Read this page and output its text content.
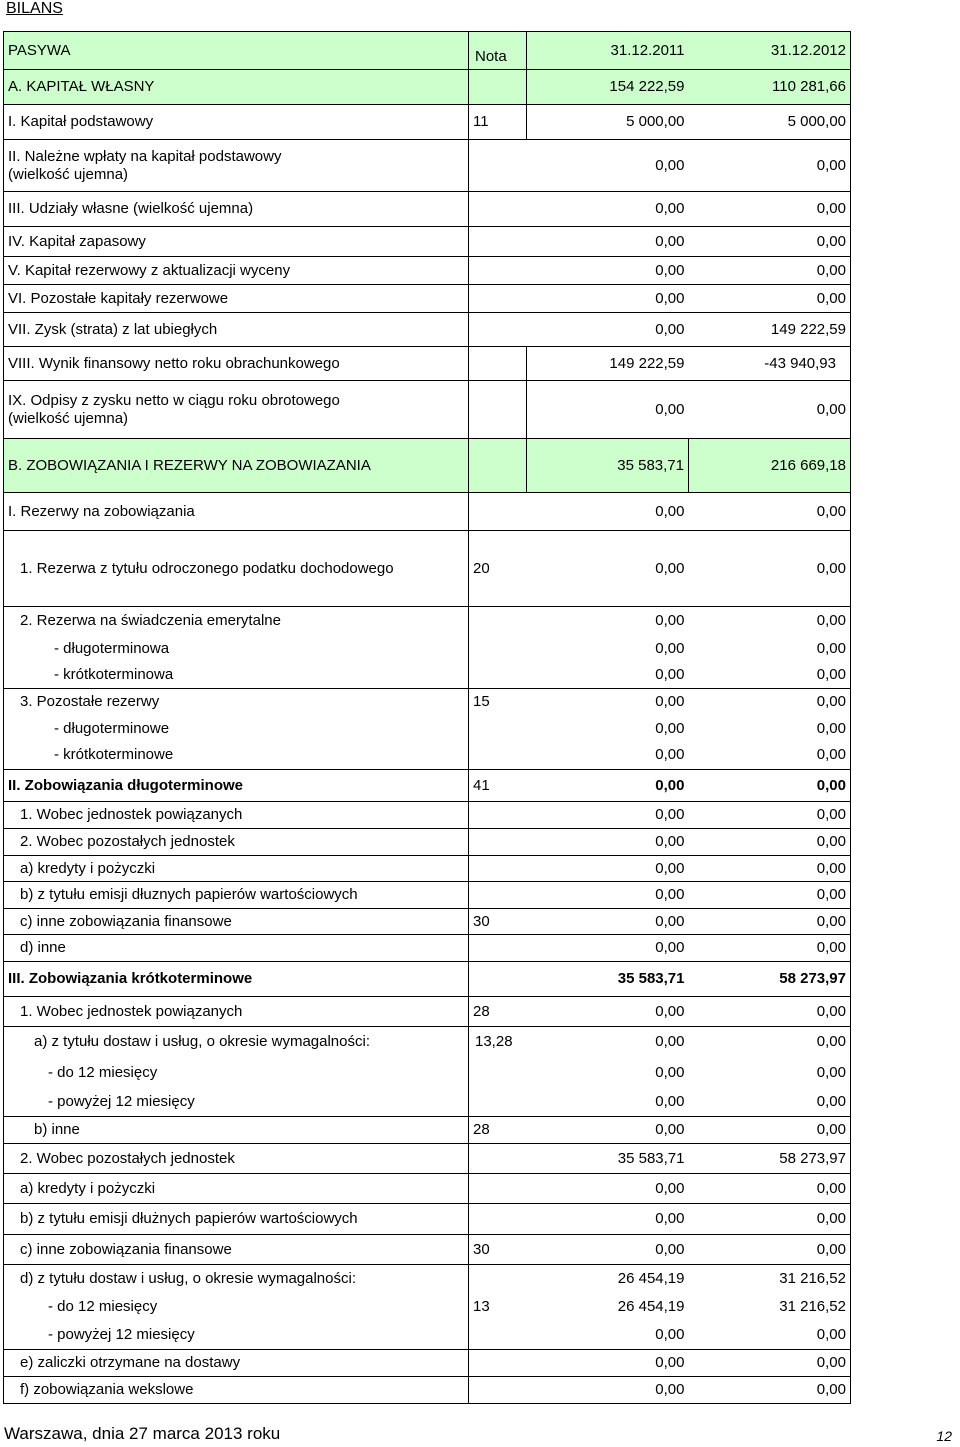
BILANS
PASYWA	Nota	31.12.2011	31.12.2012
A. KAPITAŁ WŁASNY		154 222,59	110 281,66
I. Kapitał podstawowy	11	5 000,00	5 000,00
II. Należne wpłaty na kapitał podstawowy
(wielkość ujemna)		0,00	0,00
III. Udziały własne (wielkość ujemna)		0,00	0,00
IV. Kapitał zapasowy		0,00	0,00
V. Kapitał rezerwowy z aktualizacji wyceny		0,00	0,00
VI. Pozostałe kapitały rezerwowe		0,00	0,00
VII. Zysk (strata) z lat ubiegłych		0,00	149 222,59
VIII. Wynik finansowy netto roku obrachunkowego		149 222,59	-43 940,93
IX. Odpisy z zysku netto w ciągu roku obrotowego
(wielkość ujemna)		0,00	0,00
B. ZOBOWIĄZANIA I REZERWY NA ZOBOWIAZANIA		35 583,71	216 669,18
I. Rezerwy na zobowiązania		0,00	0,00
1. Rezerwa z tytułu odroczonego podatku dochodowego	20	0,00	0,00
2. Rezerwa na świadczenia emerytalne		0,00	0,00
- długoterminowa		0,00	0,00
- krótkoterminowa		0,00	0,00
3. Pozostałe rezerwy	15	0,00	0,00
- długoterminowe		0,00	0,00
- krótkoterminowe		0,00	0,00
II. Zobowiązania długoterminowe	41	0,00	0,00
1. Wobec jednostek powiązanych		0,00	0,00
2. Wobec pozostałych jednostek		0,00	0,00
a) kredyty i pożyczki		0,00	0,00
b) z tytułu emisji dłuznych papierów wartościowych		0,00	0,00
c) inne zobowiązania finansowe	30	0,00	0,00
d) inne		0,00	0,00
III. Zobowiązania krótkoterminowe		35 583,71	58 273,97
1. Wobec jednostek powiązanych	28	0,00	0,00
a) z tytułu dostaw i usług, o okresie wymagalności:	13,28	0,00	0,00
- do 12 miesięcy		0,00	0,00
- powyżej 12 miesięcy		0,00	0,00
b) inne	28	0,00	0,00
2. Wobec pozostałych jednostek		35 583,71	58 273,97
a) kredyty i pożyczki		0,00	0,00
b) z tytułu emisji dłużnych papierów wartościowych		0,00	0,00
c) inne zobowiązania finansowe	30	0,00	0,00
d) z tytułu dostaw i usług, o okresie wymagalności:		26 454,19	31 216,52
- do 12 miesięcy	13	26 454,19	31 216,52
- powyżej 12 miesięcy		0,00	0,00
e) zaliczki otrzymane na dostawy		0,00	0,00
f) zobowiązania wekslowe		0,00	0,00
Warszawa, dnia 27 marca 2013 roku	12
